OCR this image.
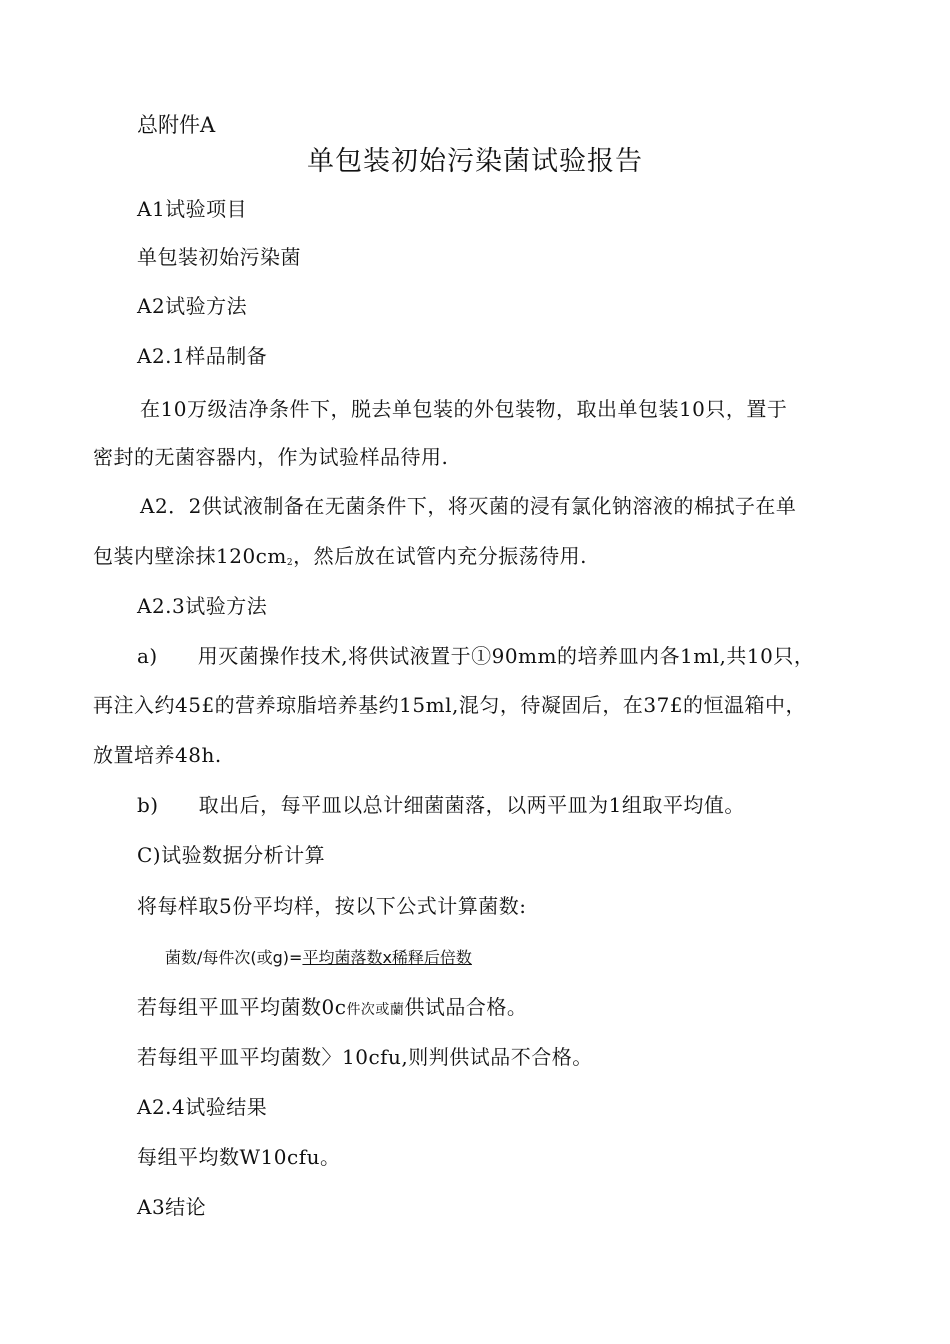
总附件A
单包装初始污染菌试验报告
A1试验项目
单包装初始污染菌
A2试验方法
A2.1样品制备
在10万级洁净条件下，脱去单包装的外包装物，取出单包装10只，置于
密封的无菌容器内，作为试验样品待用.
A2．2供试液制备在无菌条件下，将灭菌的浸有氯化钠溶液的棉拭子在单
包装内壁涂抹$120cm_2$，然后放在试管内充分振荡待用.
A2.3试验方法
a) 用灭菌操作技术,将供试液置于①90mm的培养皿内各1ml,共10只，
再注入约45£的营养琼脂培养基约15ml,混匀，待凝固后，在37£的恒温箱中，
放置培养48h.
b) 取出后，每平皿以总计细菌菌落，以两平皿为1组取平均值。
C)试验数据分析计算
将每样取5份平均样，按以下公式计算菌数:
菌数/每件次(或g)=平均菌落数x稀释后倍数
若每组平皿平均菌数0c件次或蘭供试品合格。
若每组平皿平均菌数〉10cfu,则判供试品不合格。
A2.4试验结果
每组平均数W10cfu。
A3结论
